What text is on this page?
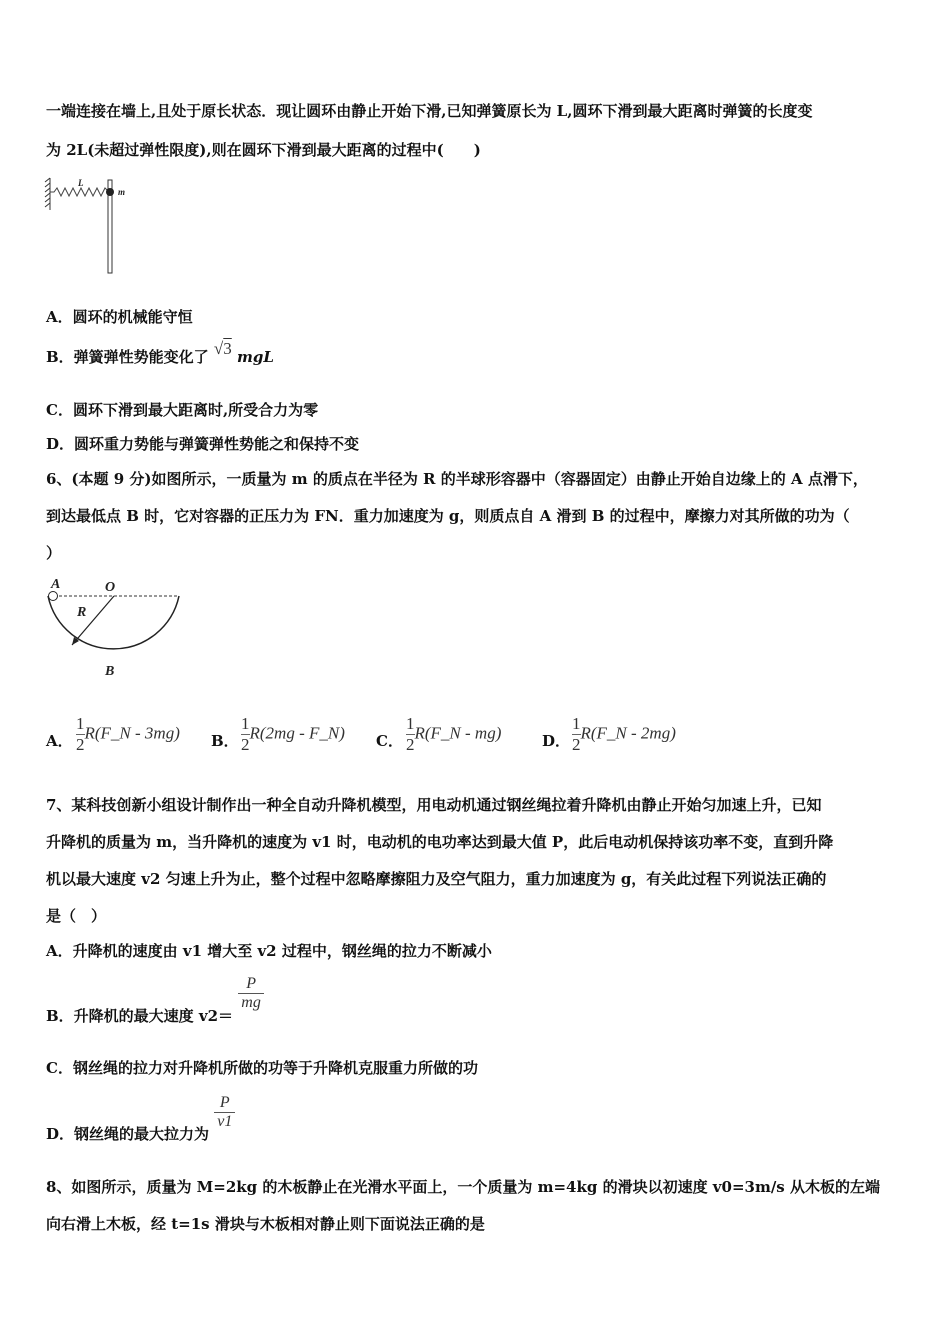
一端连接在墙上,且处于原长状态．现让圆环由静止开始下滑,已知弹簧原长为 L,圆环下滑到最大距离时弹簧的长度变
为 2L(未超过弹性限度),则在圆环下滑到最大距离的过程中(　　)
L
m
A．圆环的机械能守恒
B．弹簧弹性势能变化了 √3 mgL
C．圆环下滑到最大距离时,所受合力为零
D．圆环重力势能与弹簧弹性势能之和保持不变
6、(本题 9 分)如图所示，一质量为 m 的质点在半径为 R 的半球形容器中（容器固定）由静止开始自边缘上的 A 点滑下，
到达最低点 B 时，它对容器的正压力为 FN．重力加速度为 g，则质点自 A 滑到 B 的过程中，摩擦力对其所做的功为（
）
A	O
R
B
A． $\frac{1}{2}$ R(F_N - 3mg) B． $\frac{1}{2} R(2mg$ - F_N) C． $\frac{1}{2}$ R(F_N - mg)	D． $\frac{1}{2}$ R(F_N - 2mg)
7、某科技创新小组设计制作出一种全自动升降机模型，用电动机通过钢丝绳拉着升降机由静止开始匀加速上升，已知
升降机的质量为 m，当升降机的速度为 v1 时，电动机的电功率达到最大值 P，此后电动机保持该功率不变，直到升降
机以最大速度 v2 匀速上升为止，整个过程中忽略摩擦阻力及空气阻力，重力加速度为 g，有关此过程下列说法正确的
是（　）
A．升降机的速度由 v1 增大至 v2 过程中，钢丝绳的拉力不断减小
B．升降机的最大速度 v2＝
$\frac{P}{mg}$
C．钢丝绳的拉力对升降机所做的功等于升降机克服重力所做的功
D．钢丝绳的最大拉力为
$\frac{P}{v1}$
8、如图所示，质量为 M=2kg 的木板静止在光滑水平面上，一个质量为 m=4kg 的滑块以初速度 v0=3m/s 从木板的左端
向右滑上木板，经 t=1s 滑块与木板相对静止则下面说法正确的是
